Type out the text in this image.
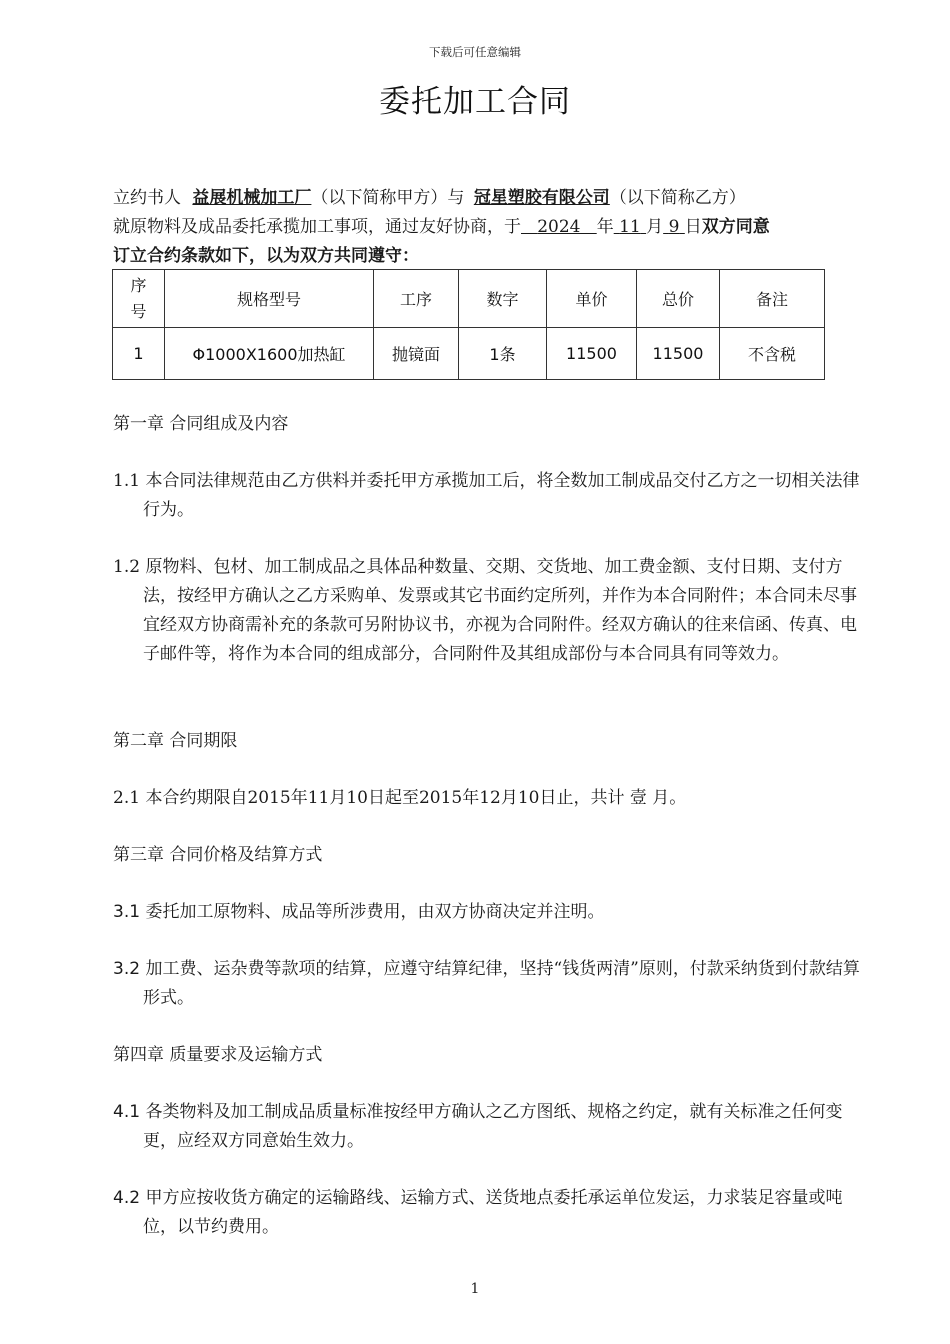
下载后可任意编辑
委托加工合同
立约书人 益展机械加工厂（以下简称甲方）与 冠星塑胶有限公司（以下简称乙方）
就原物料及成品委托承揽加工事项，通过友好协商，于 2024 年 11 月 9 日双方同意
订立合约条款如下，以为双方共同遵守：
序
号	规格型号	工序	数字	单价	总价	备注
1	Φ1000X1600加热缸	抛镜面	1条	11500	11500	不含税
第一章 合同组成及内容
1.1 本合同法律规范由乙方供料并委托甲方承揽加工后，将全数加工制成品交付乙方之一切相关法律行为。
1.2 原物料、包材、加工制成品之具体品种数量、交期、交货地、加工费金额、支付日期、支付方法，按经甲方确认之乙方采购单、发票或其它书面约定所列，并作为本合同附件；本合同未尽事宜经双方协商需补充的条款可另附协议书，亦视为合同附件。经双方确认的往来信函、传真、电子邮件等，将作为本合同的组成部分，合同附件及其组成部份与本合同具有同等效力。
第二章 合同期限
2.1 本合约期限自2015年11月10日起至2015年12月10日止，共计 壹 月。
第三章 合同价格及结算方式
3.1 委托加工原物料、成品等所涉费用，由双方协商决定并注明。
3.2 加工费、运杂费等款项的结算，应遵守结算纪律，坚持“钱货两清”原则，付款采纳货到付款结算形式。
第四章 质量要求及运输方式
4.1 各类物料及加工制成品质量标准按经甲方确认之乙方图纸、规格之约定，就有关标准之任何变更，应经双方同意始生效力。
4.2 甲方应按收货方确定的运输路线、运输方式、送货地点委托承运单位发运，力求装足容量或吨位，以节约费用。
1
